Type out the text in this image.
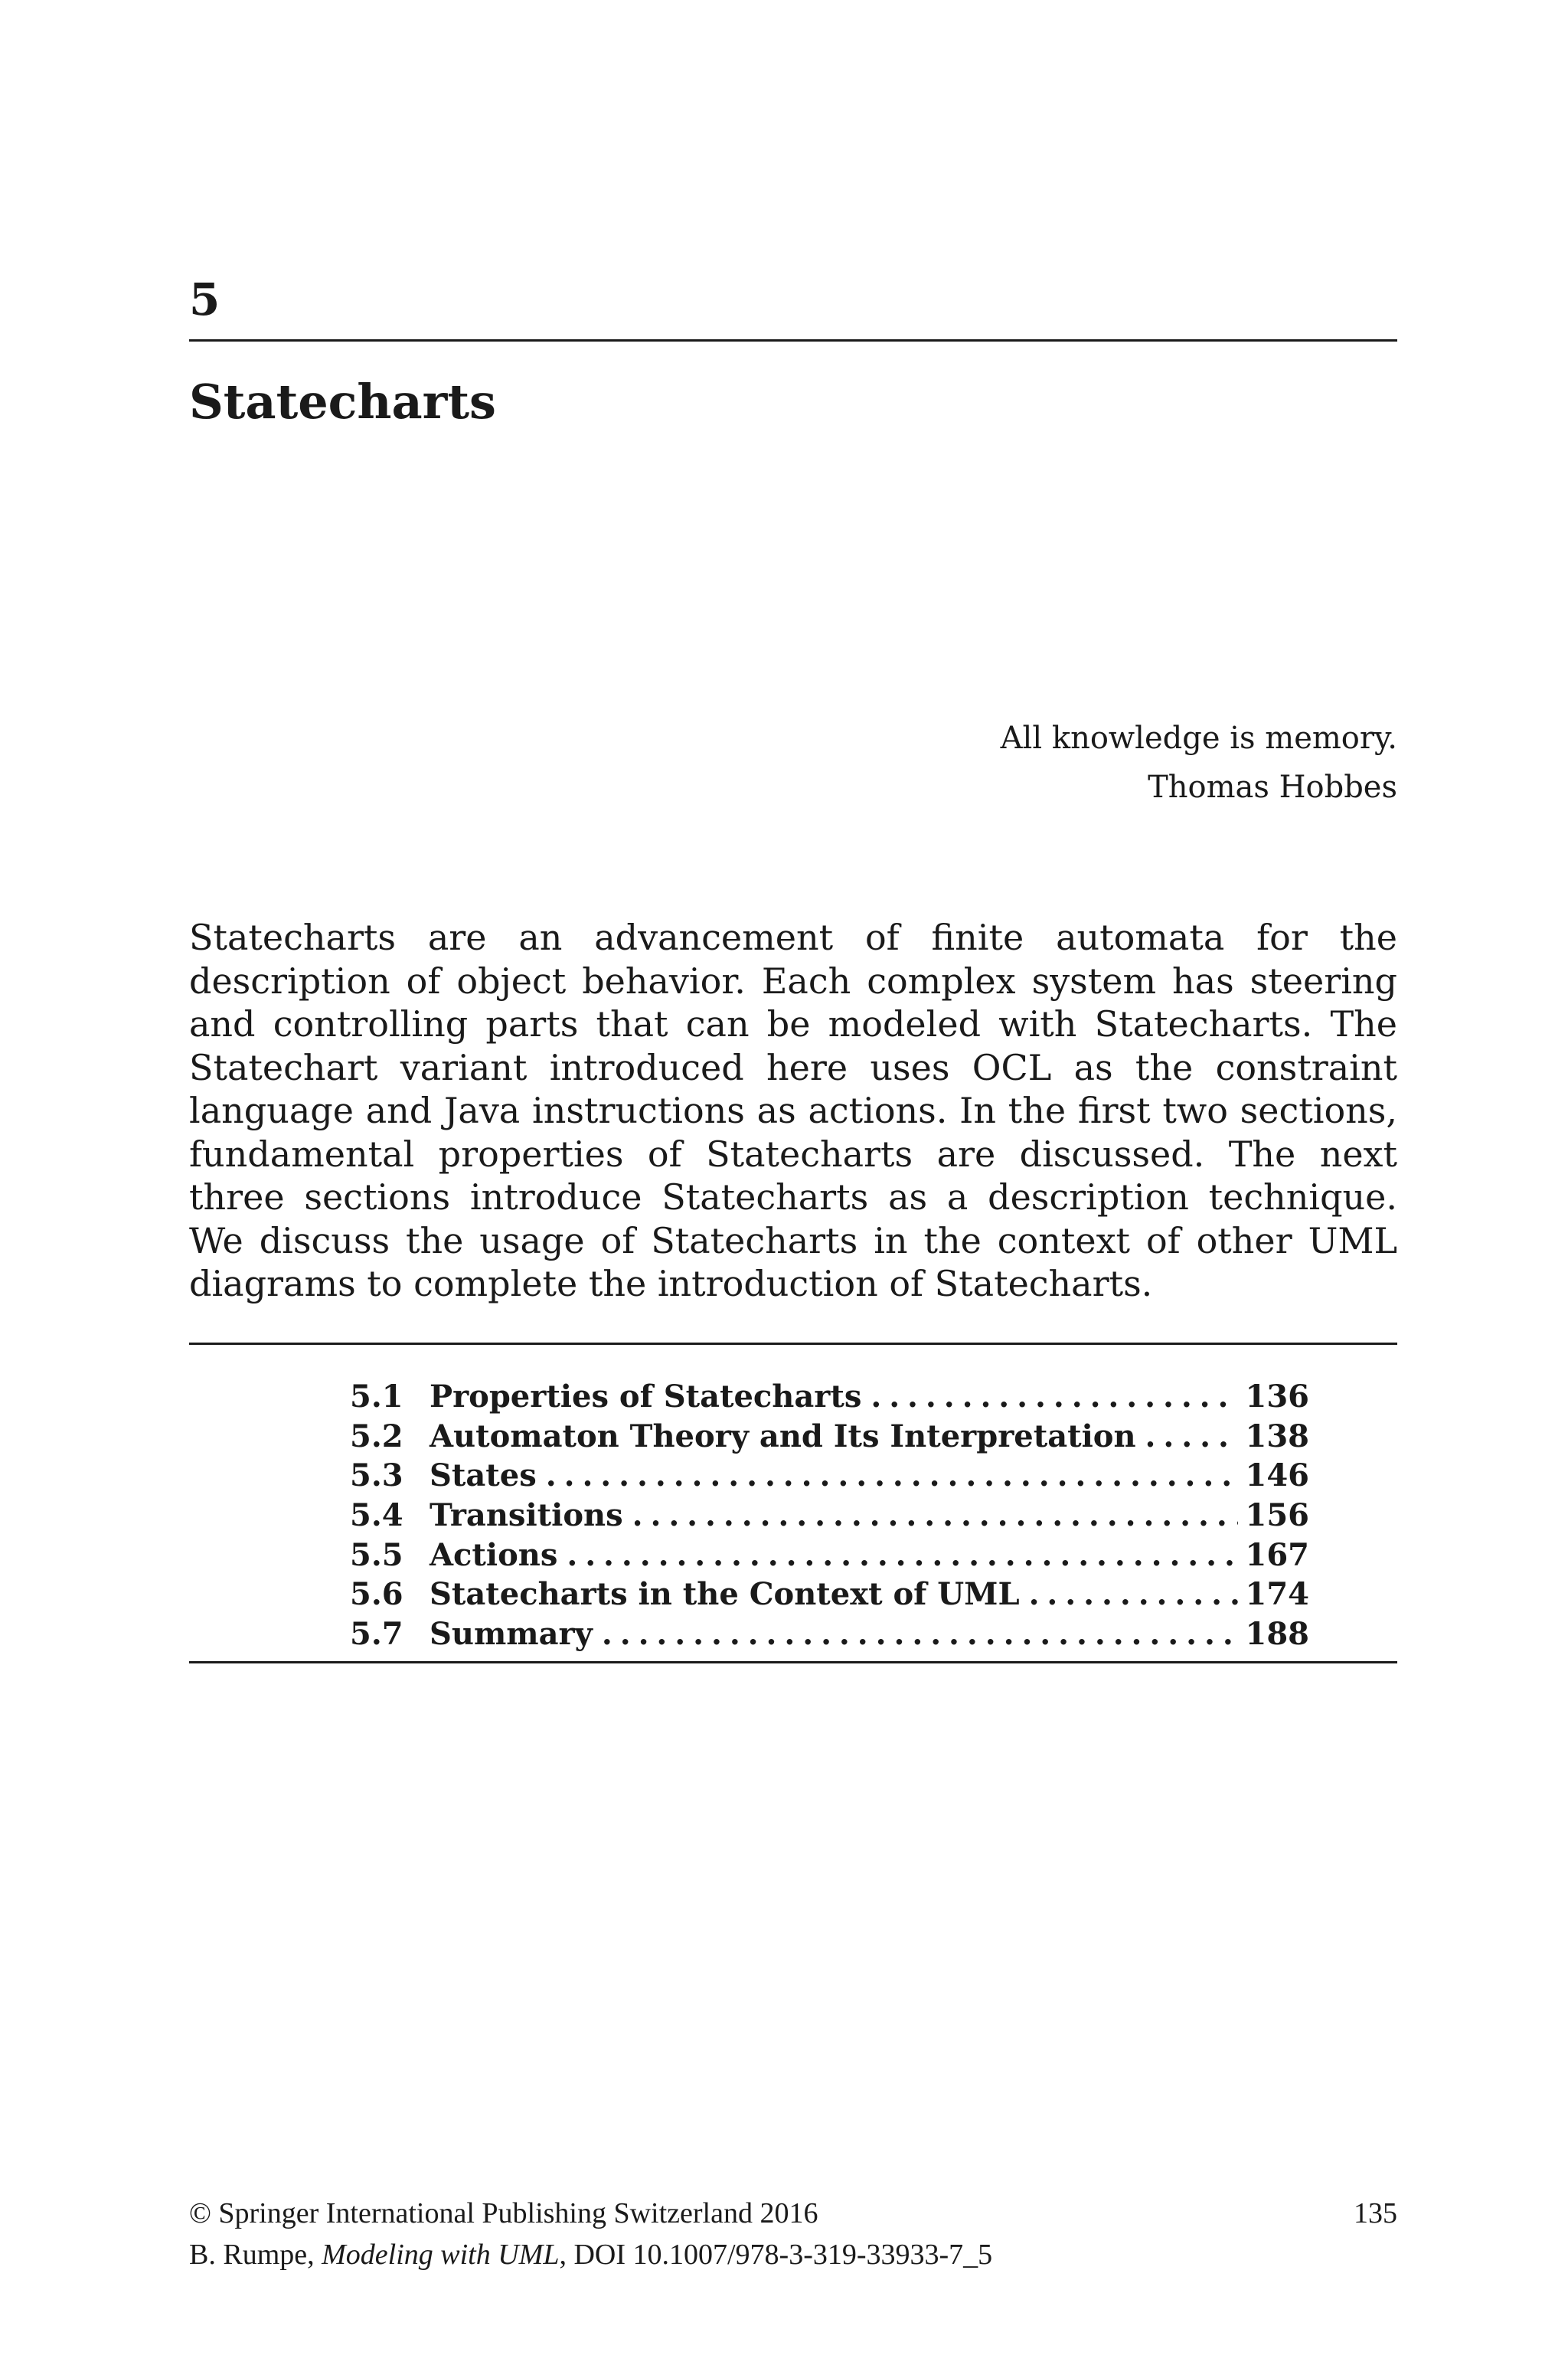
5
Statecharts
All knowledge is memory.
Thomas Hobbes

Statecharts are an advancement of finite automata for the description of object behavior. Each complex system has steering and controlling parts that can be modeled with Statecharts. The Statechart variant introduced here uses OCL as the constraint language and Java instructions as actions. In the first two sections, fundamental properties of Statecharts are discussed. The next three sections introduce Statecharts as a description technique. We discuss the usage of Statecharts in the context of other UML diagrams to complete the introduction of Statecharts.

5.1 Properties of Statecharts . . .	136
5.2 Automaton Theory and Its Interpretation . . .	138
5.3 States . . .	146
5.4 Transitions . . .	156
5.5 Actions . . .	167
5.6 Statecharts in the Context of UML . . .	174
5.7 Summary . . .	188
© Springer International Publishing Switzerland 2016	135
B. Rumpe, Modeling with UML, DOI 10.1007/978-3-319-33933-7_5
